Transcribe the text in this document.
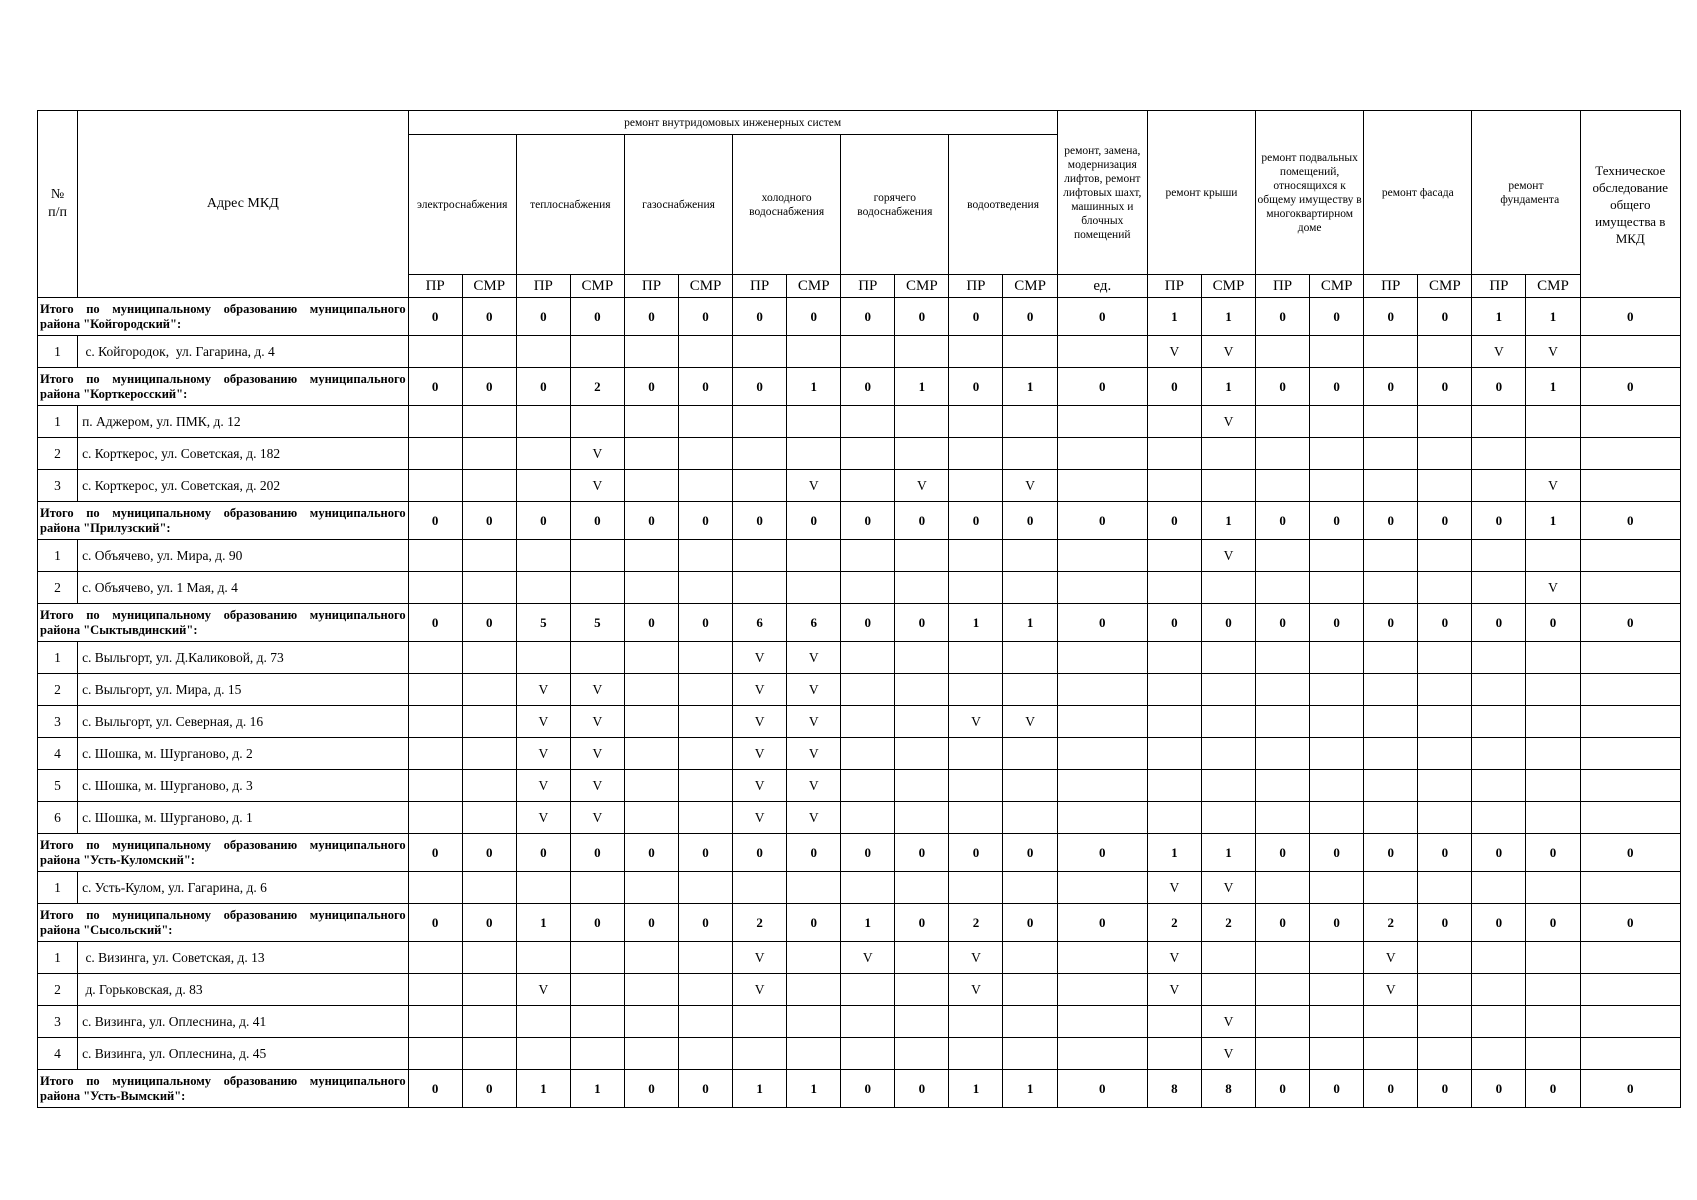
№
п/п	Адрес МКД	ремонт внутридомовых инженерных систем												ремонт, замена, модернизация лифтов, ремонт лифтовых шахт, машинных и блочных помещений	ремонт крыши		ремонт подвальных помещений, относящихся к общему имуществу в многоквартирном доме		ремонт фасада		ремонт фундамента		Техническое обследование общего имущества в МКД
		электроснабжения		теплоснабжения		газоснабжения		холодного водоснабжения		горячего водоснабжения		водоотведения											
		ПР	СМР	ПР	СМР	ПР	СМР	ПР	СМР	ПР	СМР	ПР	СМР	ед.	ПР	СМР	ПР	СМР	ПР	СМР	ПР	СМР	
Итого по муниципальному образованию муниципального района "Койгородский":		0	0	0	0	0	0	0	0	0	0	0	0	0	1	1	0	0	0	0	1	1	0
1	с. Койгородок,  ул. Гагарина, д. 4														V	V					V	V	
Итого по муниципальному образованию муниципального района "Корткеросский":		0	0	0	2	0	0	0	1	0	1	0	1	0	0	1	0	0	0	0	0	1	0
1	п. Аджером, ул. ПМК, д. 12															V							
2	с. Корткерос, ул. Советская, д. 182				V																		
3	с. Корткерос, ул. Советская, д. 202				V				V		V		V									V	
Итого по муниципальному образованию муниципального района "Прилузский":		0	0	0	0	0	0	0	0	0	0	0	0	0	0	1	0	0	0	0	0	1	0
1	с. Объячево, ул. Мира, д. 90															V							
2	с. Объячево, ул. 1 Мая, д. 4																					V	
Итого по муниципальному образованию муниципального района "Сыктывдинский":		0	0	5	5	0	0	6	6	0	0	1	1	0	0	0	0	0	0	0	0	0	0
1	с. Выльгорт, ул. Д.Каликовой, д. 73							V	V														
2	с. Выльгорт, ул. Мира, д. 15			V	V			V	V														
3	с. Выльгорт, ул. Северная, д. 16			V	V			V	V			V	V										
4	с. Шошка, м. Шурганово, д. 2			V	V			V	V														
5	с. Шошка, м. Шурганово, д. 3			V	V			V	V														
6	с. Шошка, м. Шурганово, д. 1			V	V			V	V														
Итого по муниципальному образованию муниципального района "Усть-Куломский":		0	0	0	0	0	0	0	0	0	0	0	0	0	1	1	0	0	0	0	0	0	0
1	с. Усть-Кулом, ул. Гагарина, д. 6														V	V							
Итого по муниципальному образованию муниципального района "Сысольский":		0	0	1	0	0	0	2	0	1	0	2	0	0	2	2	0	0	2	0	0	0	0
1	с. Визинга, ул. Советская, д. 13							V		V		V			V				V				
2	д. Горьковская, д. 83			V				V				V			V				V				
3	с. Визинга, ул. Оплеснина, д. 41															V							
4	с. Визинга, ул. Оплеснина, д. 45															V							
Итого по муниципальному образованию муниципального района "Усть-Вымский":		0	0	1	1	0	0	1	1	0	0	1	1	0	8	8	0	0	0	0	0	0	0
